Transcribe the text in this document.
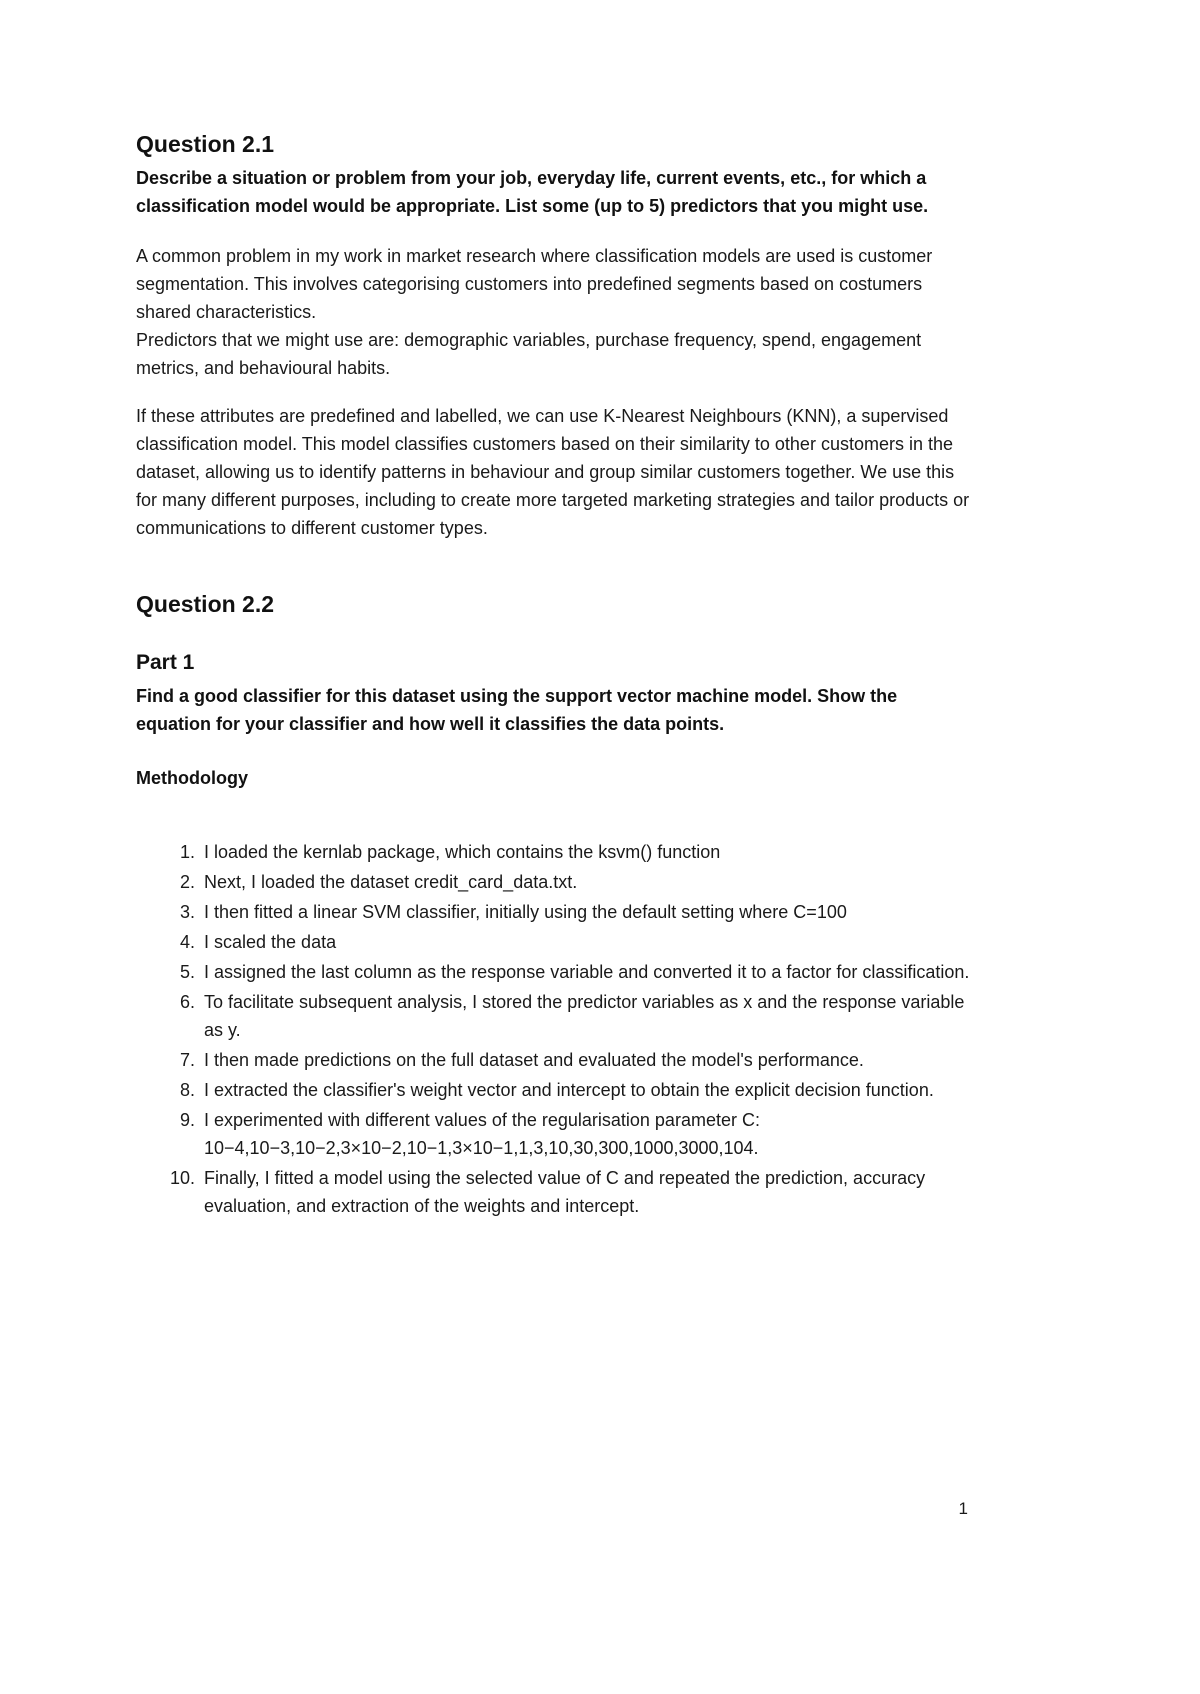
Question 2.1

Describe a situation or problem from your job, everyday life, current events, etc., for which a classification model would be appropriate. List some (up to 5) predictors that you might use.

A common problem in my work in market research where classification models are used is customer segmentation. This involves categorising customers into predefined segments based on costumers shared characteristics.

Predictors that we might use are: demographic variables, purchase frequency, spend, engagement metrics, and behavioural habits.

If these attributes are predefined and labelled, we can use K-Nearest Neighbours (KNN), a supervised classification model. This model classifies customers based on their similarity to other customers in the dataset, allowing us to identify patterns in behaviour and group similar customers together. We use this for many different purposes, including to create more targeted marketing strategies and tailor products or communications to different customer types.

Question 2.2
Part 1

Find a good classifier for this dataset using the support vector machine model. Show the equation for your classifier and how well it classifies the data points.

Methodology
1. I loaded the kernlab package, which contains the ksvm() function
2. Next, I loaded the dataset credit_card_data.txt.
3. I then fitted a linear SVM classifier, initially using the default setting where C=100
4. I scaled the data
5. I assigned the last column as the response variable and converted it to a factor for classification.
6. To facilitate subsequent analysis, I stored the predictor variables as x and the response variable as y.
7. I then made predictions on the full dataset and evaluated the model's performance.
8. I extracted the classifier's weight vector and intercept to obtain the explicit decision function.
9. I experimented with different values of the regularisation parameter C: 10−4,10−3,10−2,3×10−2,10−1,3×10−1,1,3,10,30,300,1000,3000,104.
10. Finally, I fitted a model using the selected value of C and repeated the prediction, accuracy evaluation, and extraction of the weights and intercept.
1
